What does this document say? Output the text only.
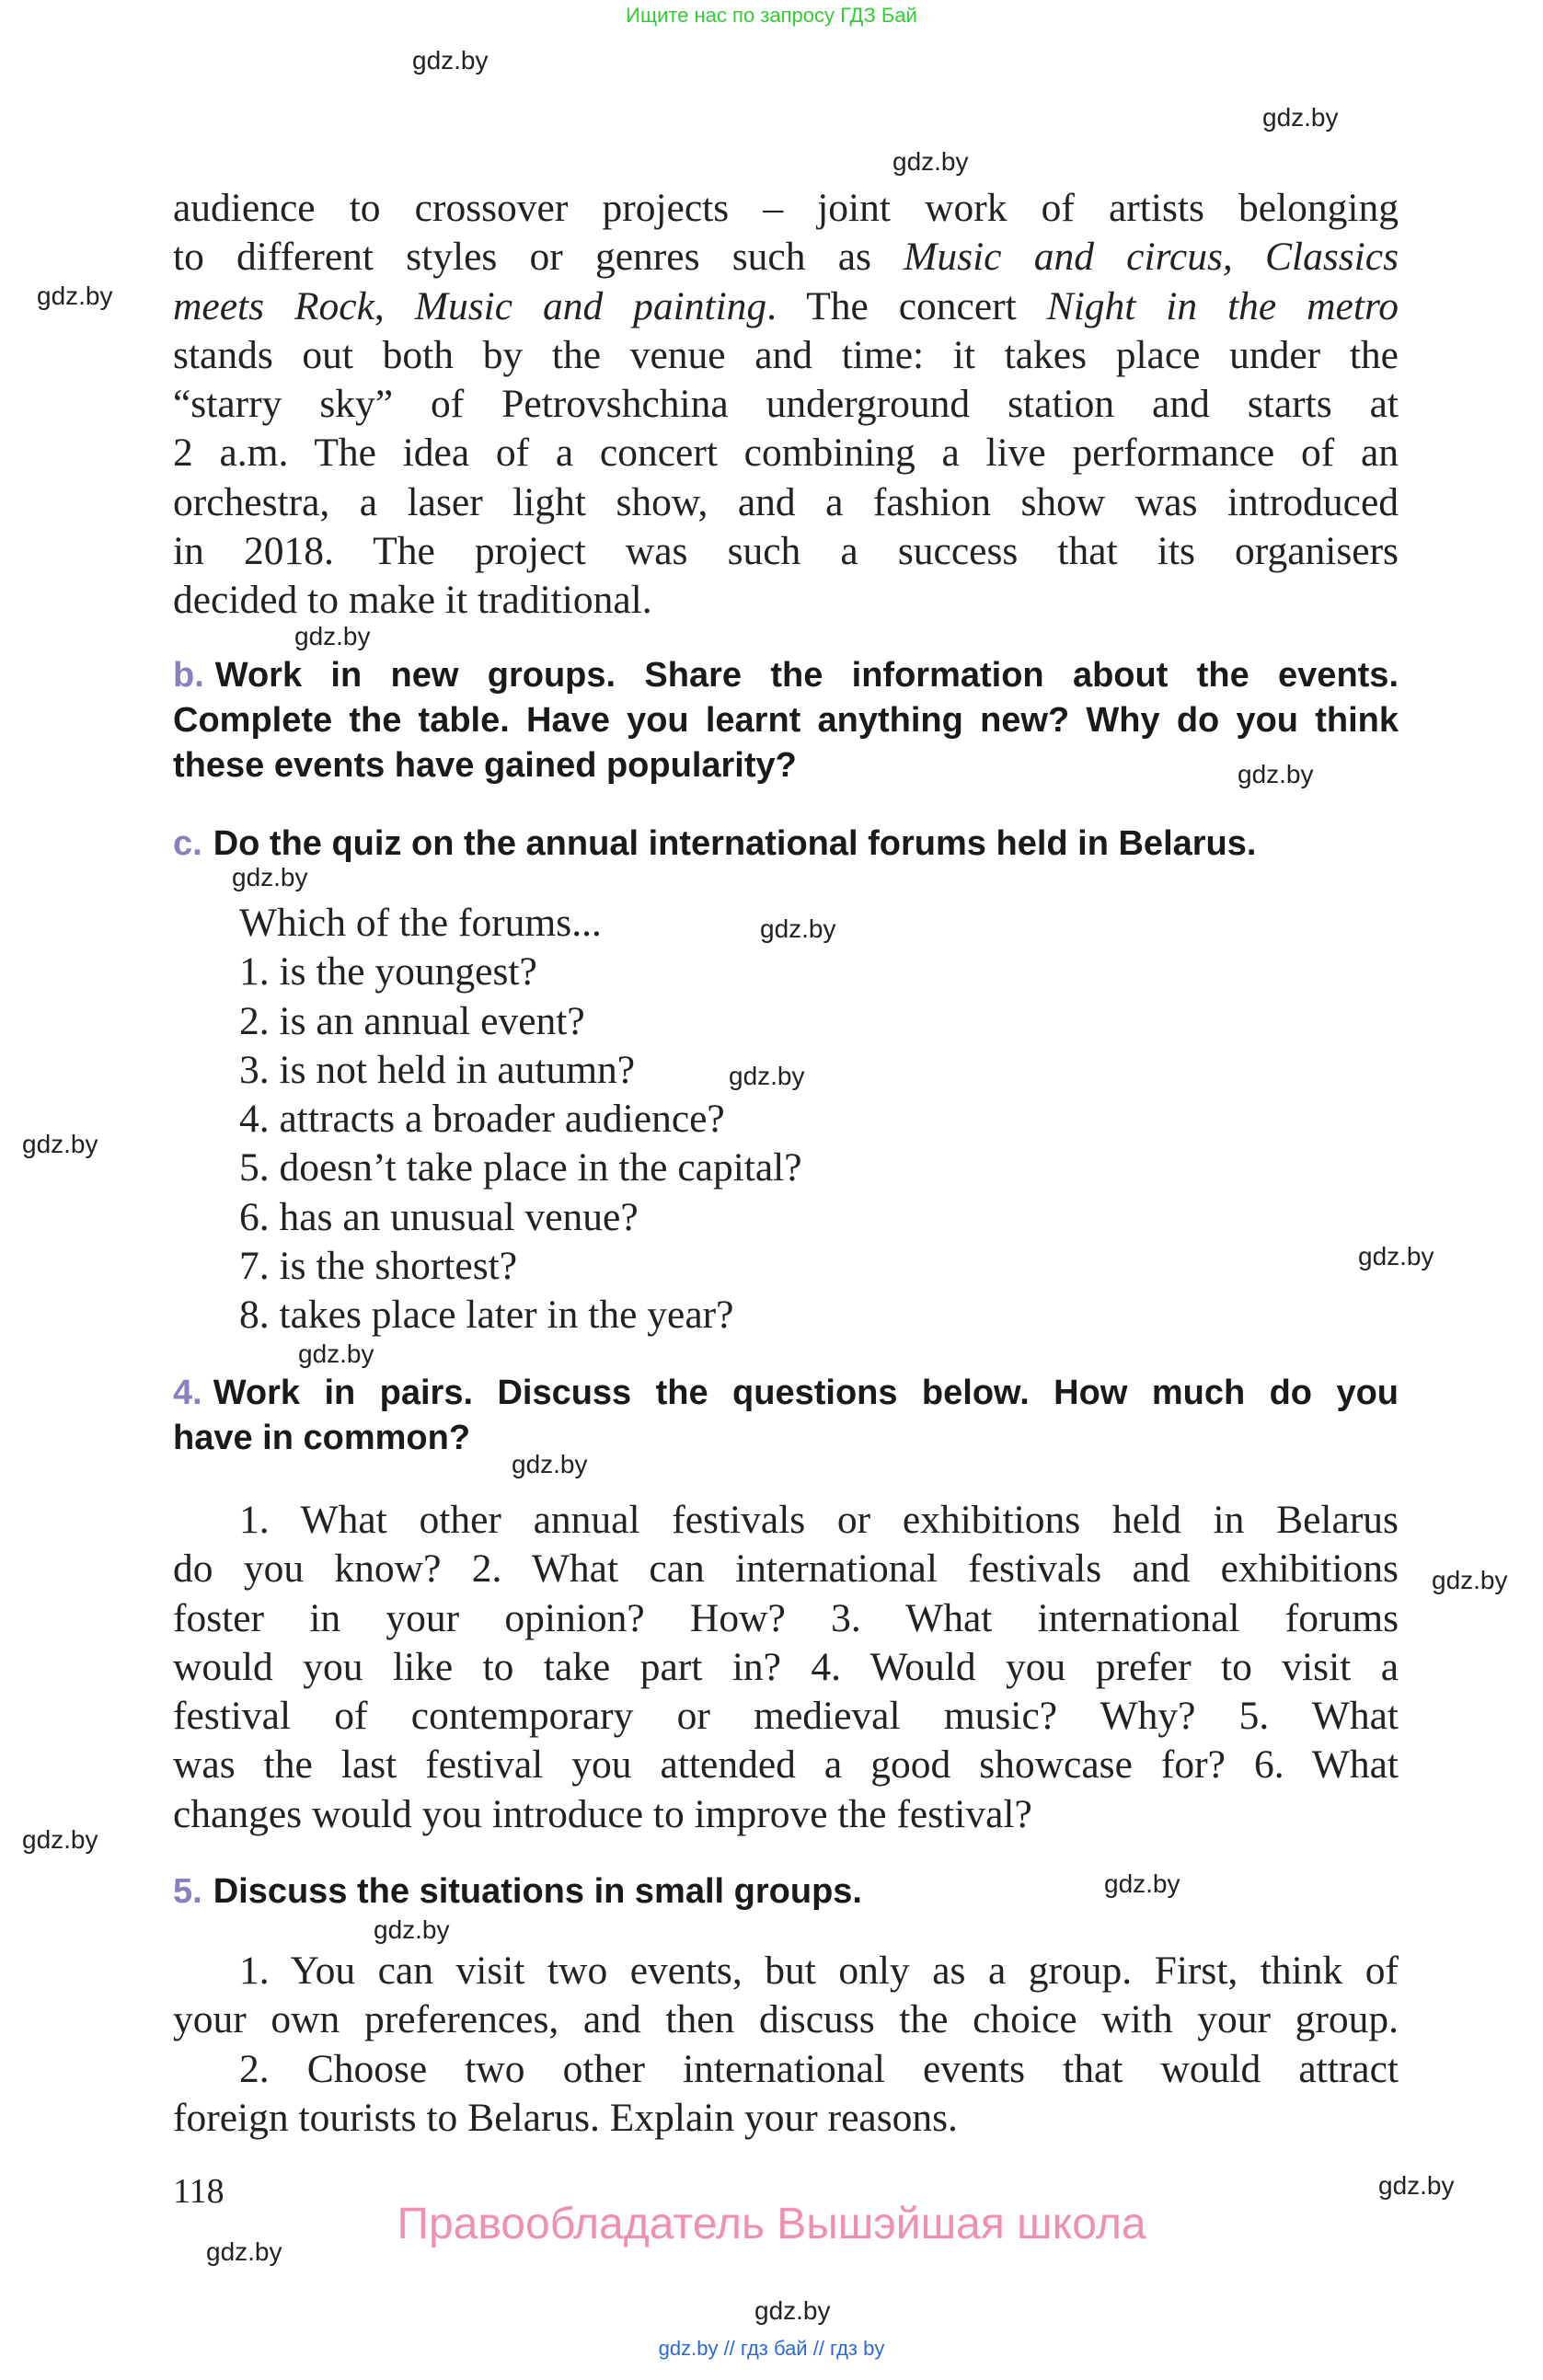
Ищите нас по запросу ГДЗ Бай
gdz.by
gdz.by
gdz.by
gdz.by
gdz.by
gdz.by
gdz.by
gdz.by
gdz.by
gdz.by
gdz.by
gdz.by
gdz.by
gdz.by
gdz.by
gdz.by
gdz.by
gdz.by
gdz.by
gdz.by
audience to crossover projects – joint work of artists belonging
to different styles or genres such as Music and circus, Classics
meets Rock, Music and painting. The concert Night in the metro
stands out both by the venue and time: it takes place under the
“starry sky” of Petrovshchina underground station and starts at
2 a.m. The idea of a concert combining a live performance of an
orchestra, a laser light show, and a fashion show was introduced
in 2018. The project was such a success that its organisers
decided to make it traditional.
b. Work in new groups. Share the information about the events.
Complete the table. Have you learnt anything new? Why do you think
these events have gained popularity?
c. Do the quiz on the annual international forums held in Belarus.
Which of the forums...
1. is the youngest?
2. is an annual event?
3. is not held in autumn?
4. attracts a broader audience?
5. doesn’t take place in the capital?
6. has an unusual venue?
7. is the shortest?
8. takes place later in the year?
4. Work in pairs. Discuss the questions below. How much do you
have in common?
1. What other annual festivals or exhibitions held in Belarus
do you know? 2. What can international festivals and exhibitions
foster in your opinion? How? 3. What international forums
would you like to take part in? 4. Would you prefer to visit a
festival of contemporary or medieval music? Why? 5. What
was the last festival you attended a good showcase for? 6. What
changes would you introduce to improve the festival?
5. Discuss the situations in small groups.
1. You can visit two events, but only as a group. First, think of
your own preferences, and then discuss the choice with your group.
2. Choose two other international events that would attract
foreign tourists to Belarus. Explain your reasons.
118
Правообладатель Вышэйшая школа
gdz.by // гдз бай // гдз by
